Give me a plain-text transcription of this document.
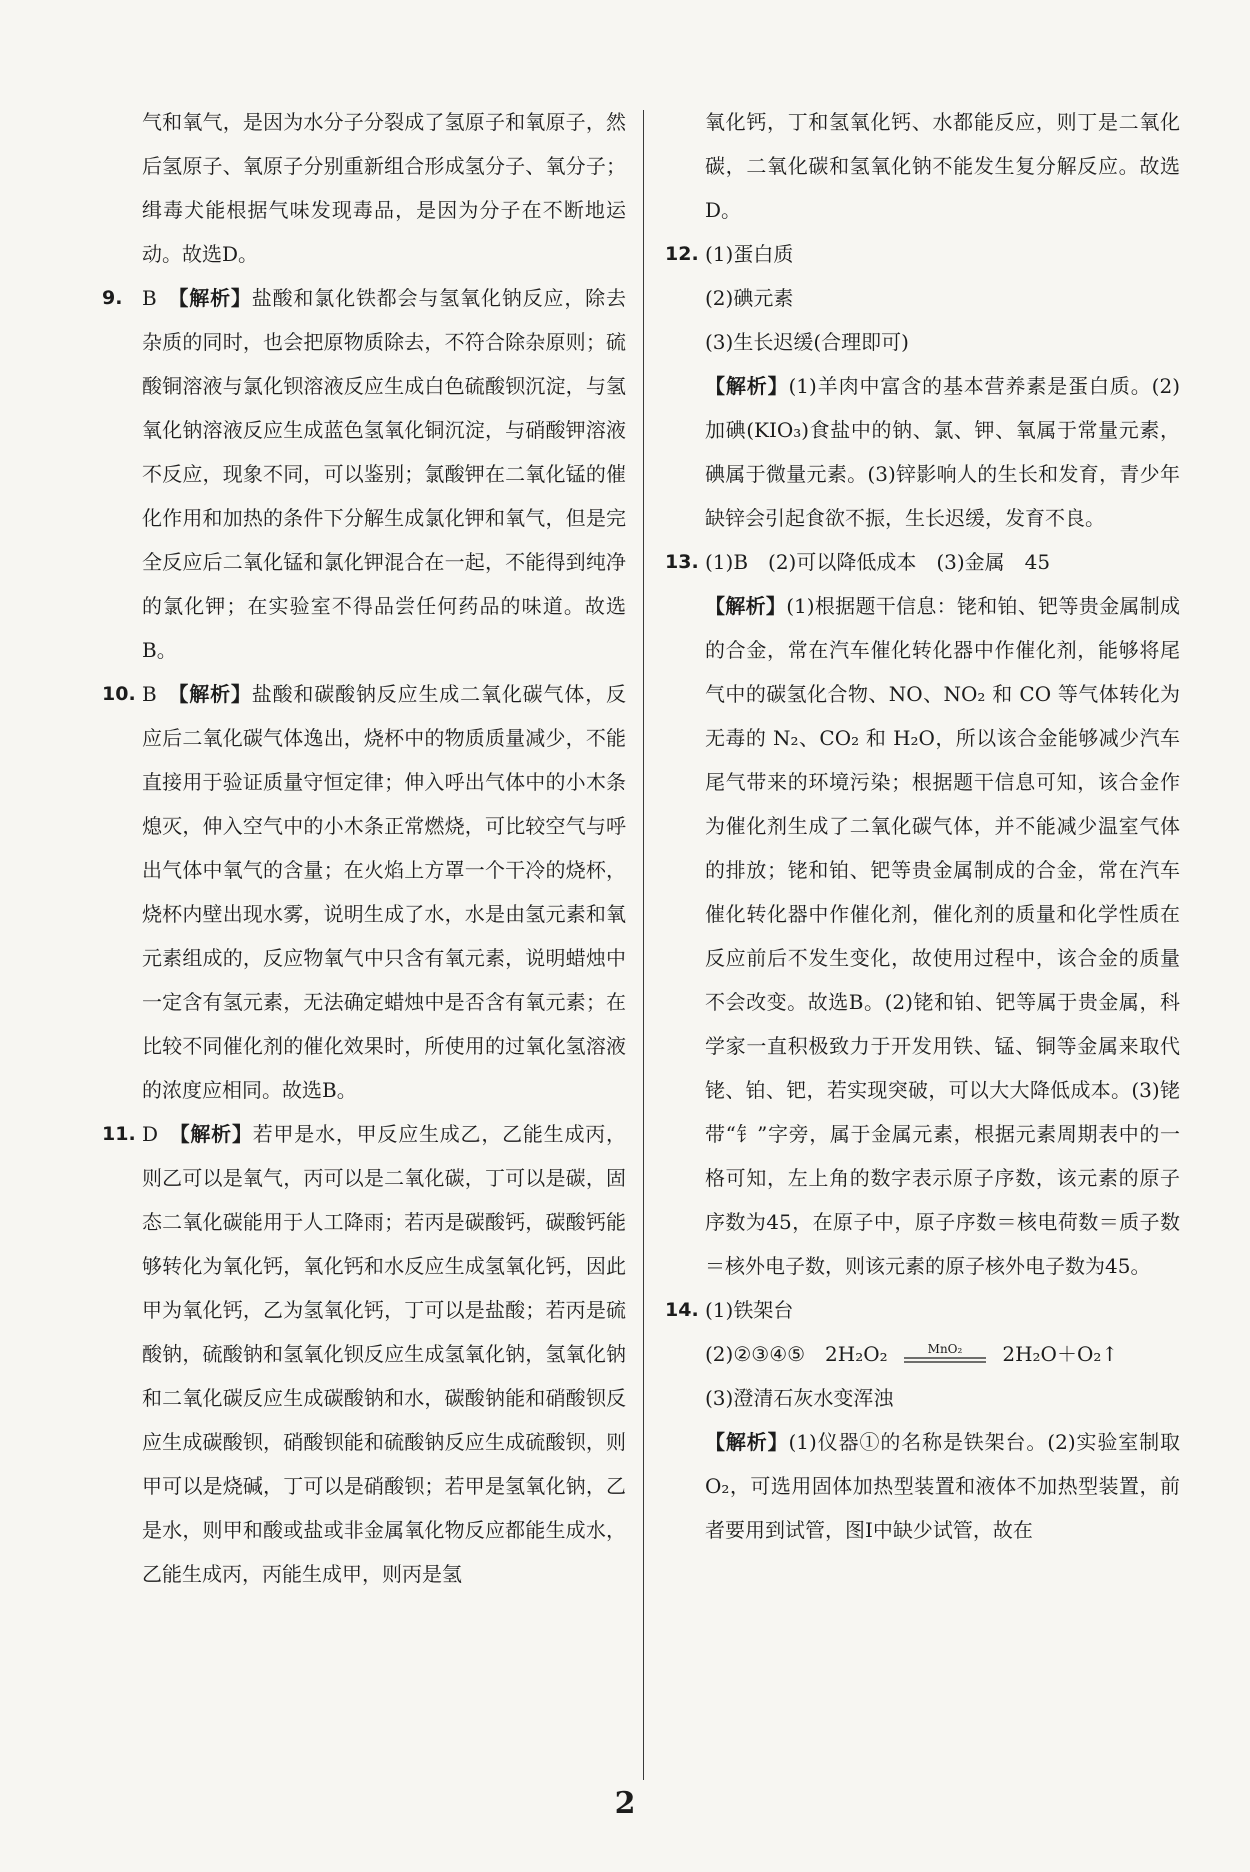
气和氧气，是因为水分子分裂成了氢原子和氧原子，然后氢原子、氧原子分别重新组合形成氢分子、氧分子；缉毒犬能根据气味发现毒品，是因为分子在不断地运动。故选D。

9. B　 【解析】盐酸和氯化铁都会与氢氧化钠反应，除去杂质的同时，也会把原物质除去，不符合除杂原则；硫酸铜溶液与氯化钡溶液反应生成白色硫酸钡沉淀，与氢氧化钠溶液反应生成蓝色氢氧化铜沉淀，与硝酸钾溶液不反应，现象不同，可以鉴别；氯酸钾在二氧化锰的催化作用和加热的条件下分解生成氯化钾和氧气，但是完全反应后二氧化锰和氯化钾混合在一起，不能得到纯净的氯化钾；在实验室不得品尝任何药品的味道。故选B。

10. B　 【解析】盐酸和碳酸钠反应生成二氧化碳气体，反应后二氧化碳气体逸出，烧杯中的物质质量减少，不能直接用于验证质量守恒定律；伸入呼出气体中的小木条熄灭，伸入空气中的小木条正常燃烧，可比较空气与呼出气体中氧气的含量；在火焰上方罩一个干冷的烧杯，烧杯内壁出现水雾，说明生成了水，水是由氢元素和氧元素组成的，反应物氧气中只含有氧元素，说明蜡烛中一定含有氢元素，无法确定蜡烛中是否含有氧元素；在比较不同催化剂的催化效果时，所使用的过氧化氢溶液的浓度应相同。故选B。

11. D　 【解析】若甲是水，甲反应生成乙，乙能生成丙，则乙可以是氧气，丙可以是二氧化碳，丁可以是碳，固态二氧化碳能用于人工降雨；若丙是碳酸钙，碳酸钙能够转化为氧化钙，氧化钙和水反应生成氢氧化钙，因此甲为氧化钙，乙为氢氧化钙，丁可以是盐酸；若丙是硫酸钠，硫酸钠和氢氧化钡反应生成氢氧化钠，氢氧化钠和二氧化碳反应生成碳酸钠和水，碳酸钠能和硝酸钡反应生成碳酸钡，硝酸钡能和硫酸钠反应生成硫酸钡，则甲可以是烧碱，丁可以是硝酸钡；若甲是氢氧化钠，乙是水，则甲和酸或盐或非金属氧化物反应都能生成水，乙能生成丙，丙能生成甲，则丙是氢

氧化钙，丁和氢氧化钙、水都能反应，则丁是二氧化碳，二氧化碳和氢氧化钠不能发生复分解反应。故选D。

12. (1)蛋白质

(2)碘元素

(3)生长迟缓(合理即可)

【解析】(1)羊肉中富含的基本营养素是蛋白质。(2)加碘(KIO₃)食盐中的钠、氯、钾、氧属于常量元素，碘属于微量元素。(3)锌影响人的生长和发育，青少年缺锌会引起食欲不振，生长迟缓，发育不良。

13. (1)B　(2)可以降低成本　(3)金属　45

【解析】(1)根据题干信息：铑和铂、钯等贵金属制成的合金，常在汽车催化转化器中作催化剂，能够将尾气中的碳氢化合物、NO、NO₂ 和 CO 等气体转化为无毒的 N₂、CO₂ 和 H₂O，所以该合金能够减少汽车尾气带来的环境污染；根据题干信息可知，该合金作为催化剂生成了二氧化碳气体，并不能减少温室气体的排放；铑和铂、钯等贵金属制成的合金，常在汽车催化转化器中作催化剂，催化剂的质量和化学性质在反应前后不发生变化，故使用过程中，该合金的质量不会改变。故选B。(2)铑和铂、钯等属于贵金属，科学家一直积极致力于开发用铁、锰、铜等金属来取代铑、铂、钯，若实现突破，可以大大降低成本。(3)铑带“钅”字旁，属于金属元素，根据元素周期表中的一格可知，左上角的数字表示原子序数，该元素的原子序数为45，在原子中，原子序数＝核电荷数＝质子数＝核外电子数，则该元素的原子核外电子数为45。

14. (1)铁架台

(2)②③④⑤　2H₂O₂	MnO₂ 2H₂O＋O₂↑

(3)澄清石灰水变浑浊

【解析】(1)仪器①的名称是铁架台。(2)实验室制取 O₂，可选用固体加热型装置和液体不加热型装置，前者要用到试管，图Ⅰ中缺少试管，故在

2
